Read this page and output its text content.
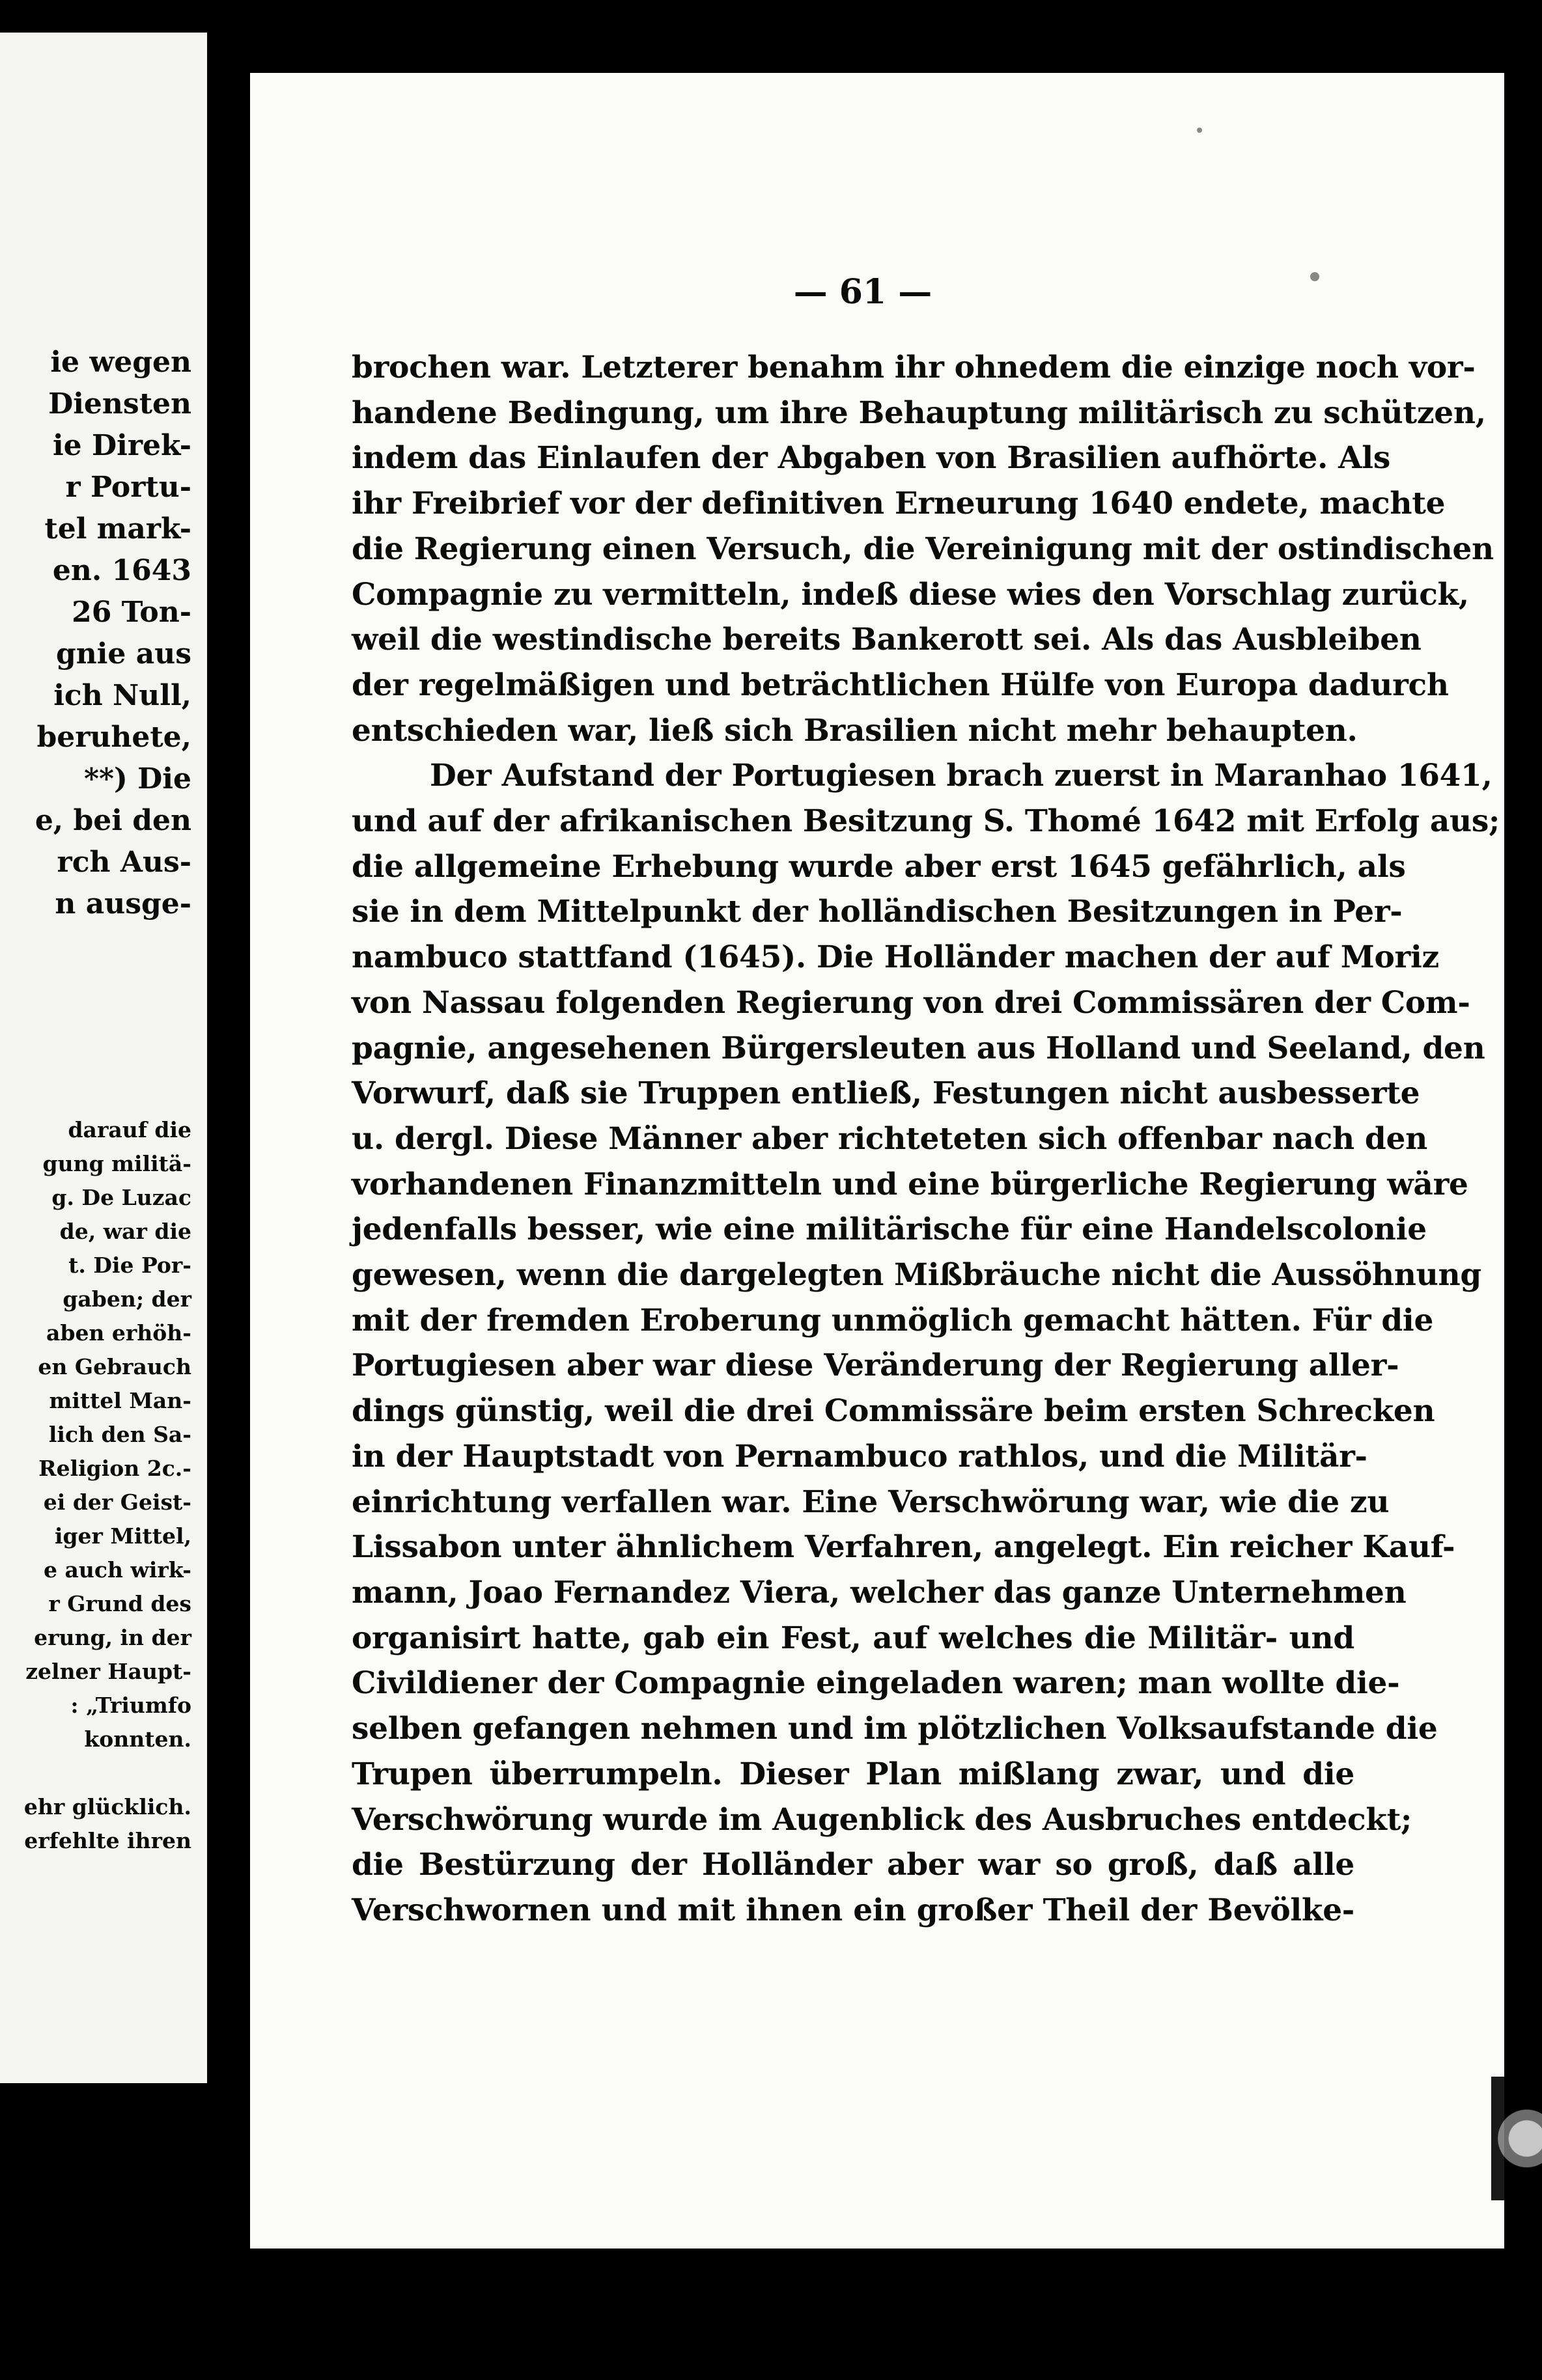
ie wegen
Diensten
ie Direk-
r Portu-
tel mark-
en. 1643
26 Ton-
gnie aus
ich Null,
beruhete,
**) Die
e, bei den
rch Aus-
n ausge-
darauf die
gung militä-
g. De Luzac
de, war die
t. Die Por-
gaben; der
aben erhöh-
en Gebrauch
mittel Man-
lich den Sa-
Religion 2c.-
ei der Geist-
iger Mittel,
e auch wirk-
r Grund des
erung, in der
zelner Haupt-
: „Triumfo
konnten.

ehr glücklich.
erfehlte ihren
— 61 —
brochen war. Letzterer benahm ihr ohnedem die einzige noch vor-
handene Bedingung, um ihre Behauptung militärisch zu schützen,
indem das Einlaufen der Abgaben von Brasilien aufhörte. Als
ihr Freibrief vor der definitiven Erneurung 1640 endete, machte
die Regierung einen Versuch, die Vereinigung mit der ostindischen
Compagnie zu vermitteln, indeß diese wies den Vorschlag zurück,
weil die westindische bereits Bankerott sei. Als das Ausbleiben
der regelmäßigen und beträchtlichen Hülfe von Europa dadurch
entschieden war, ließ sich Brasilien nicht mehr behaupten.
Der Aufstand der Portugiesen brach zuerst in Maranhao 1641,
und auf der afrikanischen Besitzung S. Thomé 1642 mit Erfolg aus;
die allgemeine Erhebung wurde aber erst 1645 gefährlich, als
sie in dem Mittelpunkt der holländischen Besitzungen in Per-
nambuco stattfand (1645). Die Holländer machen der auf Moriz
von Nassau folgenden Regierung von drei Commissären der Com-
pagnie, angesehenen Bürgersleuten aus Holland und Seeland, den
Vorwurf, daß sie Truppen entließ, Festungen nicht ausbesserte
u. dergl. Diese Männer aber richteteten sich offenbar nach den
vorhandenen Finanzmitteln und eine bürgerliche Regierung wäre
jedenfalls besser, wie eine militärische für eine Handelscolonie
gewesen, wenn die dargelegten Mißbräuche nicht die Aussöhnung
mit der fremden Eroberung unmöglich gemacht hätten. Für die
Portugiesen aber war diese Veränderung der Regierung aller-
dings günstig, weil die drei Commissäre beim ersten Schrecken
in der Hauptstadt von Pernambuco rathlos, und die Militär-
einrichtung verfallen war. Eine Verschwörung war, wie die zu
Lissabon unter ähnlichem Verfahren, angelegt. Ein reicher Kauf-
mann, Joao Fernandez Viera, welcher das ganze Unternehmen
organisirt hatte, gab ein Fest, auf welches die Militär- und
Civildiener der Compagnie eingeladen waren; man wollte die-
selben gefangen nehmen und im plötzlichen Volksaufstande die
Trupen überrumpeln. Dieser Plan mißlang zwar, und die
Verschwörung wurde im Augenblick des Ausbruches entdeckt;
die Bestürzung der Holländer aber war so groß, daß alle
Verschwornen und mit ihnen ein großer Theil der Bevölke-
